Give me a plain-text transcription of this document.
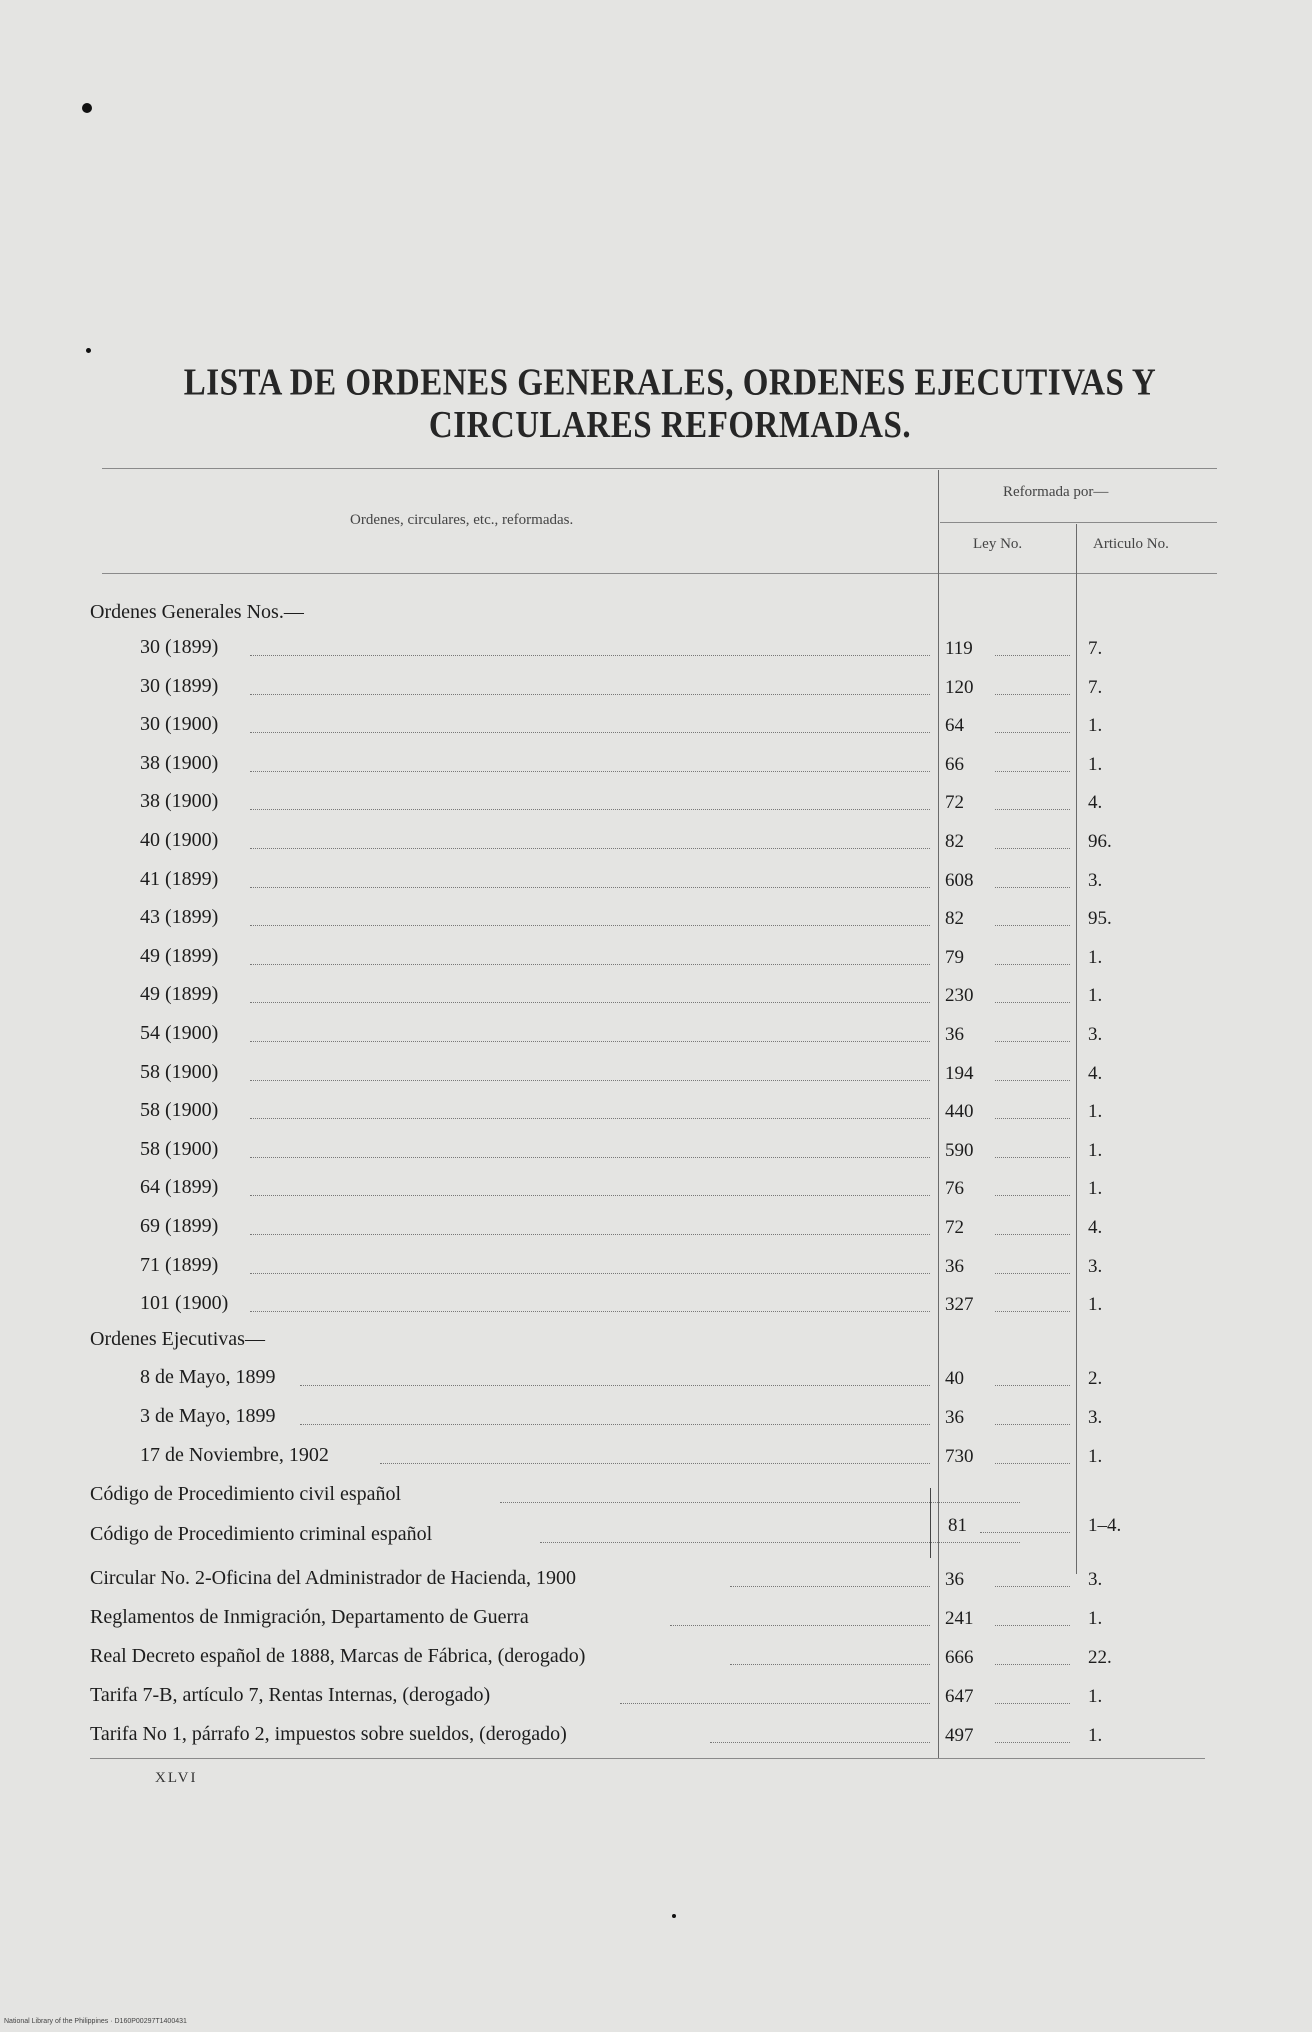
LISTA DE ORDENES GENERALES, ORDENES EJECUTIVAS Y CIRCULARES REFORMADAS.
Ordenes, circulares, etc., reformadas.
Reformada por—
Ley No.	Articulo No.
Ordenes Generales Nos.—
30 (1899)	119	7.
30 (1899)	120	7.
30 (1900)	64	1.
38 (1900)	66	1.
38 (1900)	72	4.
40 (1900)	82	96.
41 (1899)	608	3.
43 (1899)	82	95.
49 (1899)	79	1.
49 (1899)	230	1.
54 (1900)	36	3.
58 (1900)	194	4.
58 (1900)	440	1.
58 (1900)	590	1.
64 (1899)	76	1.
69 (1899)	72	4.
71 (1899)	36	3.
101 (1900)	327	1.
Ordenes Ejecutivas—
8 de Mayo, 1899	40	2.
3 de Mayo, 1899	36	3.
17 de Noviembre, 1902	730	1.
Código de Procedimiento civil español
Código de Procedimiento criminal español	81	1–4.
Circular No. 2-Oficina del Administrador de Hacienda, 1900	36	3.
Reglamentos de Inmigración, Departamento de Guerra	241	1.
Real Decreto español de 1888, Marcas de Fábrica, (derogado)	666	22.
Tarifa 7-B, artículo 7, Rentas Internas, (derogado)	647	1.
Tarifa No 1, párrafo 2, impuestos sobre sueldos, (derogado)	497	1.
XLVI
National Library of the Philippines · D160P00297T1400431
